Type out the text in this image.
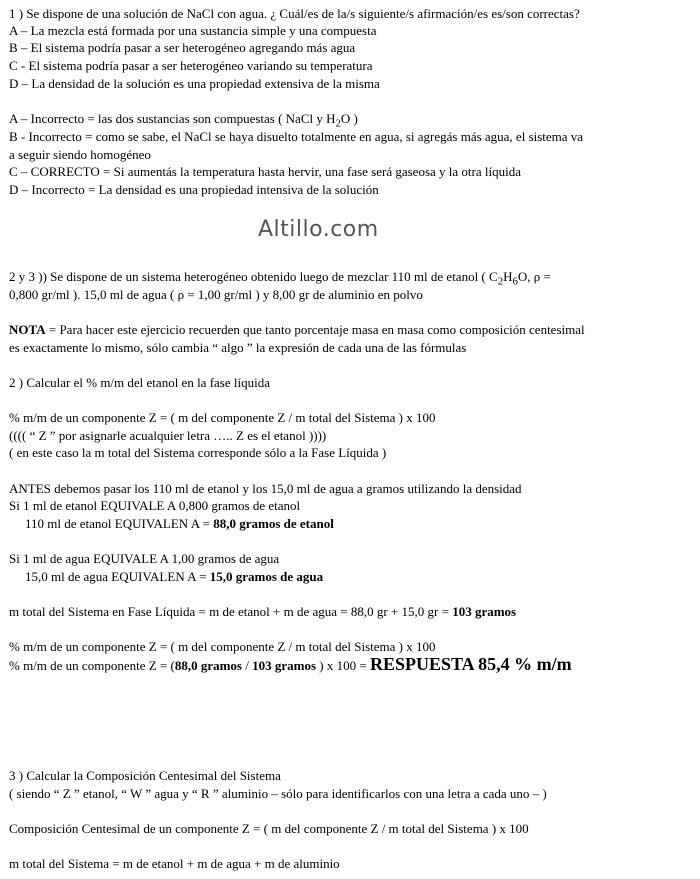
1 ) Se dispone de una solución de NaCl con agua. ¿ Cuál/es de la/s siguiente/s afirmación/es es/son correctas?
A – La mezcla está formada por una sustancia simple y una compuesta
B – El sistema podría pasar a ser heterogéneo agregando más agua
C - El sistema podría pasar a ser heterogéneo variando su temperatura
D – La densidad de la solución es una propiedad extensiva de la misma
A – Incorrecto = las dos sustancias son compuestas ( NaCl y $H_2O$ )
B - Incorrecto = como se sabe, el NaCl se haya disuelto totalmente en agua, si agregás más agua, el sistema va
a seguir siendo homogéneo
C – CORRECTO = Si aumentás la temperatura hasta hervir, una fase será gaseosa y la otra líquida
D – Incorrecto = La densidad es una propiedad intensiva de la solución
Altillo.com
2 y 3 )) Se dispone de un sistema heterogéneo obtenido luego de mezclar 110 ml de etanol ( $C_2H_6O$, ρ =
0,800 gr/ml ). 15,0 ml de agua ( ρ = 1,00 gr/ml ) y 8,00 gr de aluminio en polvo
NOTA = Para hacer este ejercicio recuerden que tanto porcentaje masa en masa como composición centesimal
es exactamente lo mismo, sólo cambia “ algo ” la expresión de cada una de las fórmulas
2 ) Calcular el % m/m del etanol en la fase líquida
% m/m de un componente Z = ( m del componente Z / m total del Sistema ) x 100
(((( “ Z ” por asignarle acualquier letra ….. Z es el etanol ))))
( en este caso la m total del Sistema corresponde sólo a la Fase Líquida )
ANTES debemos pasar los 110 ml de etanol y los 15,0 ml de agua a gramos utilizando la densidad
Si 1 ml de etanol EQUIVALE A 0,800 gramos de etanol
110 ml de etanol EQUIVALEN A = 88,0 gramos de etanol
Si 1 ml de agua EQUIVALE A 1,00 gramos de agua
15,0 ml de agua EQUIVALEN A = 15,0 gramos de agua
m total del Sistema en Fase Líquida = m de etanol + m de agua = 88,0 gr + 15,0 gr = 103 gramos
% m/m de un componente Z = ( m del componente Z / m total del Sistema ) x 100
% m/m de un componente Z = (88,0 gramos / 103 gramos ) x 100 = RESPUESTA 85,4 % m/m
3 ) Calcular la Composición Centesimal del Sistema
( siendo “ Z ” etanol, “ W ” agua y “ R ” aluminio – sólo para identificarlos con una letra a cada uno – )
Composición Centesimal de un componente Z = ( m del componente Z / m total del Sistema ) x 100
m total del Sistema = m de etanol + m de agua + m de aluminio
